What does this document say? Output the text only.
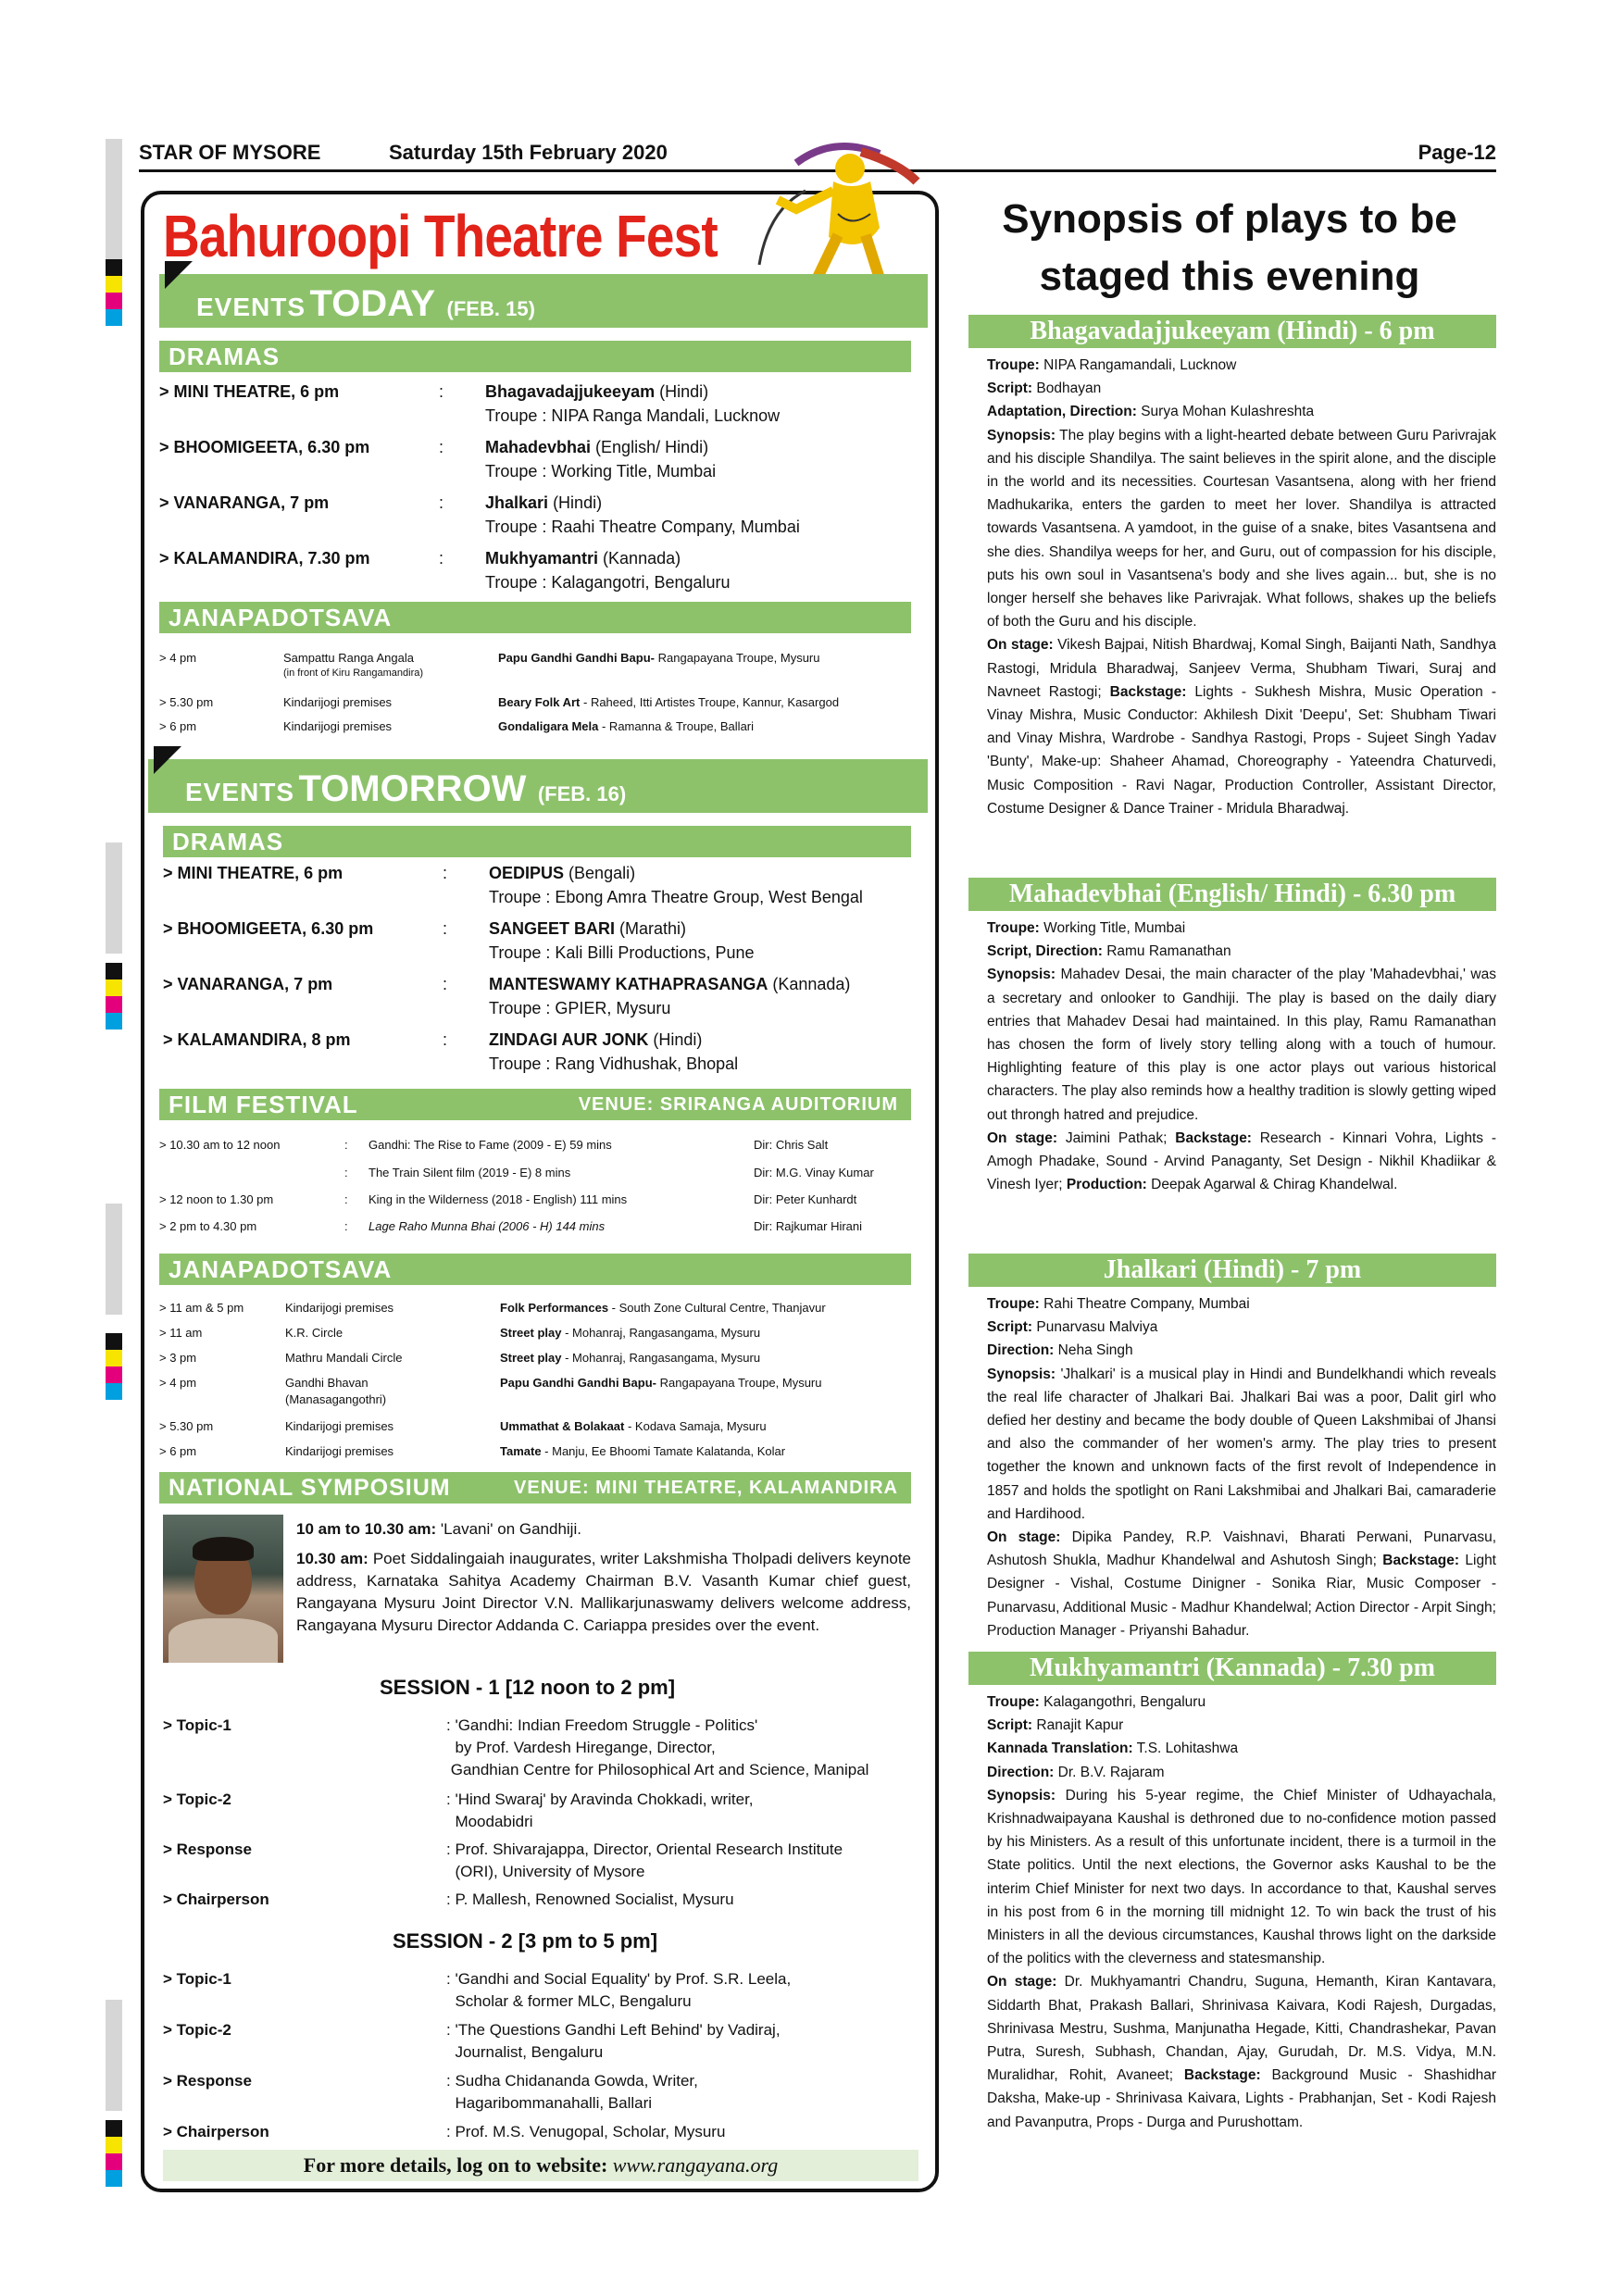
STAR OF MYSORE	Saturday 15th February 2020	Page-12
Bahuroopi Theatre Fest
EVENTS TODAY (FEB. 15)
DRAMAS
> MINI THEATRE, 6 pm	: Bhagavadajjukeeyam (Hindi)
Troupe : NIPA Ranga Mandali, Lucknow
> BHOOMIGEETA, 6.30 pm	: Mahadevbhai (English/ Hindi)
Troupe : Working Title, Mumbai
> VANARANGA, 7 pm	: Jhalkari (Hindi)
Troupe : Raahi Theatre Company, Mumbai
> KALAMANDIRA, 7.30 pm	: Mukhyamantri (Kannada)
Troupe : Kalagangotri, Bengaluru
JANAPADOTSAVA
> 4 pm	Sampattu Ranga Angala
(in front of Kiru Rangamandira)
Papu Gandhi Gandhi Bapu- Rangapayana Troupe, Mysuru
> 5.30 pm	Kindarijogi premises	Beary Folk Art - Raheed, Itti Artistes Troupe, Kannur, Kasargod
> 6 pm	Kindarijogi premises	Gondaligara Mela - Ramanna & Troupe, Ballari
EVENTS TOMORROW (FEB. 16)
DRAMAS
> MINI THEATRE, 6 pm	: OEDIPUS (Bengali)
Troupe : Ebong Amra Theatre Group, West Bengal
> BHOOMIGEETA, 6.30 pm	: SANGEET BARI (Marathi)
Troupe : Kali Billi Productions, Pune
> VANARANGA, 7 pm	: MANTESWAMY KATHAPRASANGA (Kannada)
Troupe : GPIER, Mysuru
> KALAMANDIRA, 8 pm	: ZINDAGI AUR JONK (Hindi)
Troupe : Rang Vidhushak, Bhopal
FILM FESTIVAL	VENUE: SRIRANGA AUDITORIUM
> 10.30 am to 12 noon	: Gandhi: The Rise to Fame (2009 - E) 59 mins	Dir: Chris Salt
: The Train Silent film (2019 - E) 8 mins	Dir: M.G. Vinay Kumar
> 12 noon to 1.30 pm	: King in the Wilderness (2018 - English) 111 mins	Dir: Peter Kunhardt
> 2 pm to 4.30 pm	: Lage Raho Munna Bhai (2006 - H) 144 mins	Dir: Rajkumar Hirani
JANAPADOTSAVA
> 11 am & 5 pm	Kindarijogi premises	Folk Performances - South Zone Cultural Centre, Thanjavur
> 11 am	K.R. Circle	Street play - Mohanraj, Rangasangama, Mysuru
> 3 pm	Mathru Mandali Circle	Street play - Mohanraj, Rangasangama, Mysuru
> 4 pm	Gandhi Bhavan
(Manasagangothri)
Papu Gandhi Gandhi Bapu- Rangapayana Troupe, Mysuru
> 5.30 pm	Kindarijogi premises	Ummathat & Bolakaat - Kodava Samaja, Mysuru
> 6 pm	Kindarijogi premises	Tamate - Manju, Ee Bhoomi Tamate Kalatanda, Kolar
NATIONAL SYMPOSIUM	VENUE: MINI THEATRE, KALAMANDIRA
10 am to 10.30 am: 'Lavani' on Gandhiji.
10.30 am: Poet Siddalingaiah inaugurates, writer Lakshmisha Tholpadi delivers keynote address, Karnataka Sahitya Academy Chairman B.V. Vasanth Kumar chief guest, Rangayana Mysuru Joint Director V.N. Mallikarjunaswamy delivers welcome address, Rangayana Mysuru Director Addanda C. Cariappa presides over the event.
SESSION - 1 [12 noon to 2 pm]
> Topic-1	: 'Gandhi: Indian Freedom Struggle - Politics'
by Prof. Vardesh Hiregange, Director,
Gandhian Centre for Philosophical Art and Science, Manipal
> Topic-2	: 'Hind Swaraj' by Aravinda Chokkadi, writer,
Moodabidri
> Response	: Prof. Shivarajappa, Director, Oriental Research Institute
(ORI), University of Mysore
> Chairperson	: P. Mallesh, Renowned Socialist, Mysuru
SESSION - 2 [3 pm to 5 pm]
> Topic-1	: 'Gandhi and Social Equality' by Prof. S.R. Leela,
Scholar & former MLC, Bengaluru
> Topic-2	: 'The Questions Gandhi Left Behind' by Vadiraj,
Journalist, Bengaluru
> Response	: Sudha Chidananda Gowda, Writer,
Hagaribommanahalli, Ballari
> Chairperson	: Prof. M.S. Venugopal, Scholar, Mysuru
For more details, log on to website: www.rangayana.org
Synopsis of plays to be
staged this evening
Bhagavadajjukeeyam (Hindi) - 6 pm

Troupe: NIPA Rangamandali, Lucknow

Script: Bodhayan

Adaptation, Direction: Surya Mohan Kulashreshta

Synopsis: The play begins with a light-hearted debate between Guru Parivrajak and his disciple Shandilya. The saint believes in the spirit alone, and the disciple in the world and its necessities. Courtesan Vasantsena, along with her friend Madhukarika, enters the garden to meet her lover. Shandilya is attracted towards Vasantsena. A yamdoot, in the guise of a snake, bites Vasantsena and she dies. Shandilya weeps for her, and Guru, out of compassion for his disciple, puts his own soul in Vasantsena's body and she lives again... but, she is no longer herself she behaves like Parivrajak. What follows, shakes up the beliefs of both the Guru and his disciple.

On stage: Vikesh Bajpai, Nitish Bhardwaj, Komal Singh, Baijanti Nath, Sandhya Rastogi, Mridula Bharadwaj, Sanjeev Verma, Shubham Tiwari, Suraj and Navneet Rastogi; Backstage: Lights - Sukhesh Mishra, Music Operation - Vinay Mishra, Music Conductor: Akhilesh Dixit 'Deepu', Set: Shubham Tiwari and Vinay Mishra, Wardrobe - Sandhya Rastogi, Props - Sujeet Singh Yadav 'Bunty', Make-up: Shaheer Ahamad, Choreography - Yateendra Chaturvedi, Music Composition - Ravi Nagar, Production Controller, Assistant Director, Costume Designer & Dance Trainer - Mridula Bharadwaj.

Mahadevbhai (English/ Hindi) - 6.30 pm

Troupe: Working Title, Mumbai

Script, Direction: Ramu Ramanathan

Synopsis: Mahadev Desai, the main character of the play 'Mahadevbhai,' was a secretary and onlooker to Gandhiji. The play is based on the daily diary entries that Mahadev Desai had maintained. In this play, Ramu Ramanathan has chosen the form of lively story telling along with a touch of humour. Highlighting feature of this play is one actor plays out various historical characters. The play also reminds how a healthy tradition is slowly getting wiped out throngh hatred and prejudice.

On stage: Jaimini Pathak; Backstage: Research - Kinnari Vohra, Lights - Amogh Phadake, Sound - Arvind Panaganty, Set Design - Nikhil Khadiikar & Vinesh Iyer; Production: Deepak Agarwal & Chirag Khandelwal.

Jhalkari (Hindi) - 7 pm

Troupe: Rahi Theatre Company, Mumbai

Script: Punarvasu Malviya

Direction: Neha Singh

Synopsis: 'Jhalkari' is a musical play in Hindi and Bundelkhandi which reveals the real life character of Jhalkari Bai. Jhalkari Bai was a poor, Dalit girl who defied her destiny and became the body double of Queen Lakshmibai of Jhansi and also the commander of her women's army. The play tries to present together the known and unknown facts of the first revolt of Independence in 1857 and holds the spotlight on Rani Lakshmibai and Jhalkari Bai, camaraderie and Hardihood.

On stage: Dipika Pandey, R.P. Vaishnavi, Bharati Perwani, Punarvasu, Ashutosh Shukla, Madhur Khandelwal and Ashutosh Singh; Backstage: Light Designer - Vishal, Costume Dinigner - Sonika Riar, Music Composer - Punarvasu, Additional Music - Madhur Khandelwal; Action Director - Arpit Singh; Production Manager - Priyanshi Bahadur.

Mukhyamantri (Kannada) - 7.30 pm

Troupe: Kalagangothri, Bengaluru

Script: Ranajit Kapur

Kannada Translation: T.S. Lohitashwa

Direction: Dr. B.V. Rajaram

Synopsis: During his 5-year regime, the Chief Minister of Udhayachala, Krishnadwaipayana Kaushal is dethroned due to no-confidence motion passed by his Ministers. As a result of this unfortunate incident, there is a turmoil in the State politics. Until the next elections, the Governor asks Kaushal to be the interim Chief Minister for next two days. In accordance to that, Kaushal serves in his post from 6 in the morning till midnight 12. To win back the trust of his Ministers in all the devious circumstances, Kaushal throws light on the darkside of the politics with the cleverness and statesmanship.

On stage: Dr. Mukhyamantri Chandru, Suguna, Hemanth, Kiran Kantavara, Siddarth Bhat, Prakash Ballari, Shrinivasa Kaivara, Kodi Rajesh, Durgadas, Shrinivasa Mestru, Sushma, Manjunatha Hegade, Kitti, Chandrashekar, Pavan Putra, Suresh, Subhash, Chandan, Ajay, Gurudah, Dr. M.S. Vidya, M.N. Muralidhar, Rohit, Avaneet; Backstage: Background Music - Shashidhar Daksha, Make-up - Shrinivasa Kaivara, Lights - Prabhanjan, Set - Kodi Rajesh and Pavanputra, Props - Durga and Purushottam.
